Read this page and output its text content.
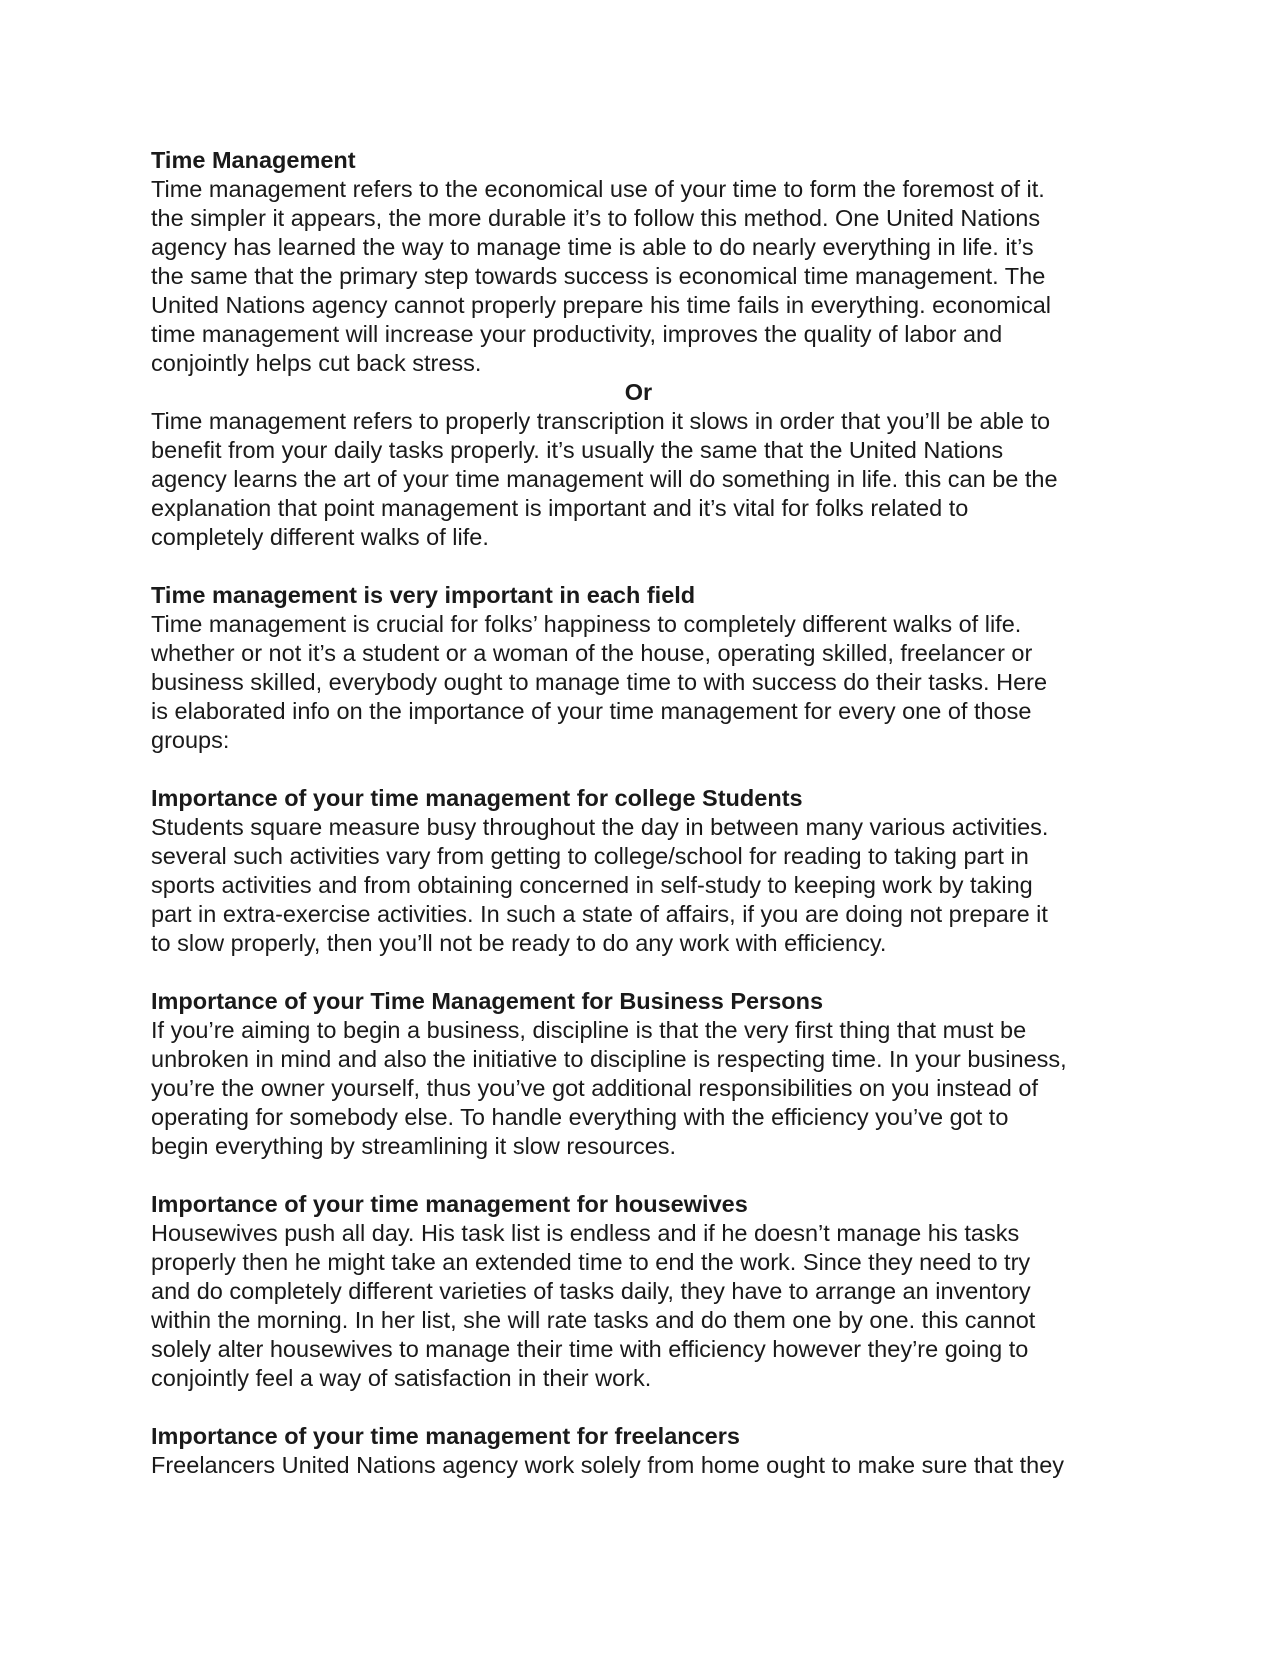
Time Management

Time management refers to the economical use of your time to form the foremost of it.
the simpler it appears, the more durable it’s to follow this method. One United Nations
agency has learned the way to manage time is able to do nearly everything in life. it’s
the same that the primary step towards success is economical time management. The
United Nations agency cannot properly prepare his time fails in everything. economical
time management will increase your productivity, improves the quality of labor and
conjointly helps cut back stress.

Or

Time management refers to properly transcription it slows in order that you’ll be able to
benefit from your daily tasks properly. it’s usually the same that the United Nations
agency learns the art of your time management will do something in life. this can be the
explanation that point management is important and it’s vital for folks related to
completely different walks of life.

Time management is very important in each field

Time management is crucial for folks’ happiness to completely different walks of life.
whether or not it’s a student or a woman of the house, operating skilled, freelancer or
business skilled, everybody ought to manage time to with success do their tasks. Here
is elaborated info on the importance of your time management for every one of those
groups:

Importance of your time management for college Students

Students square measure busy throughout the day in between many various activities.
several such activities vary from getting to college/school for reading to taking part in
sports activities and from obtaining concerned in self-study to keeping work by taking
part in extra-exercise activities. In such a state of affairs, if you are doing not prepare it
to slow properly, then you’ll not be ready to do any work with efficiency.

Importance of your Time Management for Business Persons

If you’re aiming to begin a business, discipline is that the very first thing that must be
unbroken in mind and also the initiative to discipline is respecting time. In your business,
you’re the owner yourself, thus you’ve got additional responsibilities on you instead of
operating for somebody else. To handle everything with the efficiency you’ve got to
begin everything by streamlining it slow resources.

Importance of your time management for housewives

Housewives push all day. His task list is endless and if he doesn’t manage his tasks
properly then he might take an extended time to end the work. Since they need to try
and do completely different varieties of tasks daily, they have to arrange an inventory
within the morning. In her list, she will rate tasks and do them one by one. this cannot
solely alter housewives to manage their time with efficiency however they’re going to
conjointly feel a way of satisfaction in their work.

Importance of your time management for freelancers

Freelancers United Nations agency work solely from home ought to make sure that they
